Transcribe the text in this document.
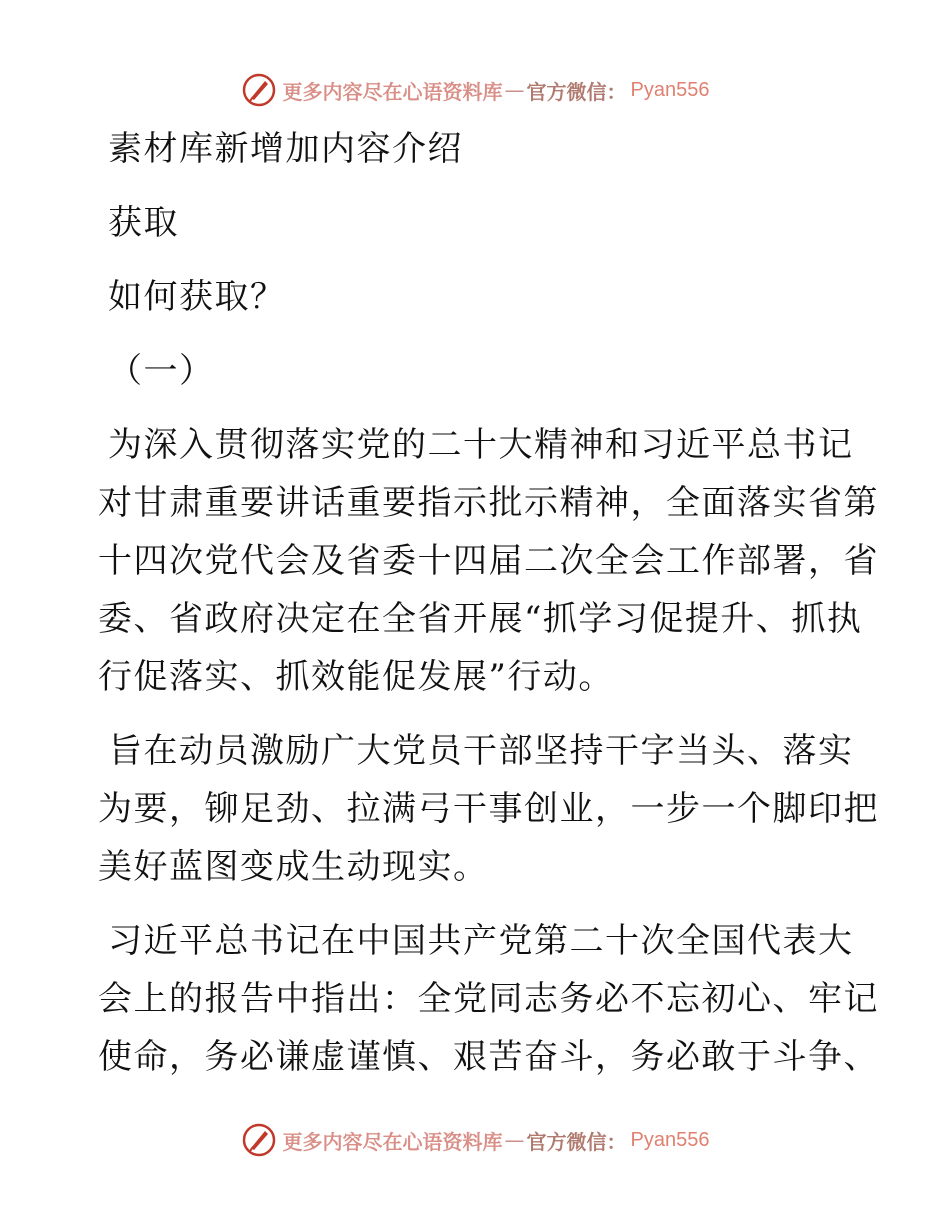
更多内容尽在心语资料库 — 官方微信： Pyan556
素材库新增加内容介绍
获取
如何获取？
（一）
为深入贯彻落实党的二十大精神和习近平总书记
对甘肃重要讲话重要指示批示精神，全面落实省第
十四次党代会及省委十四届二次全会工作部署，省
委、省政府决定在全省开展“抓学习促提升、抓执
行促落实、抓效能促发展”行动。
旨在动员激励广大党员干部坚持干字当头、落实
为要，铆足劲、拉满弓干事创业，一步一个脚印把
美好蓝图变成生动现实。
习近平总书记在中国共产党第二十次全国代表大
会上的报告中指出：全党同志务必不忘初心、牢记
使命，务必谦虚谨慎、艰苦奋斗，务必敢于斗争、
更多内容尽在心语资料库 — 官方微信： Pyan556
